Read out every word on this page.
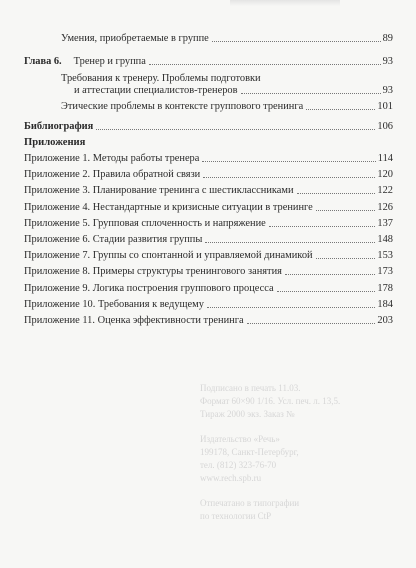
Подписано в печать 11.03.
Формат 60×90 1/16. Усл. печ. л. 13,5.
Тираж 2000 экз. Заказ №
Издательство «Речь»
199178, Санкт-Петербург,
тел. (812) 323-76-70
www.rech.spb.ru
Отпечатано в типографии
по технологии CtP
Умения, приобретаемые в группе	89
Глава 6. Тренер и группа	93
Требования к тренеру. Проблемы подготовки
и аттестации специалистов-тренеров	93
Этические проблемы в контексте группового тренинга	101
Библиография	106
Приложения
Приложение 1. Методы работы тренера	114
Приложение 2. Правила обратной связи	120
Приложение 3. Планирование тренинга с шестиклассниками	122
Приложение 4. Нестандартные и кризисные ситуации в тренинге	126
Приложение 5. Групповая сплоченность и напряжение	137
Приложение 6. Стадии развития группы	148
Приложение 7. Группы со спонтанной и управляемой динамикой	153
Приложение 8. Примеры структуры тренингового занятия	173
Приложение 9. Логика построения группового процесса	178
Приложение 10. Требования к ведущему	184
Приложение 11. Оценка эффективности тренинга	203
